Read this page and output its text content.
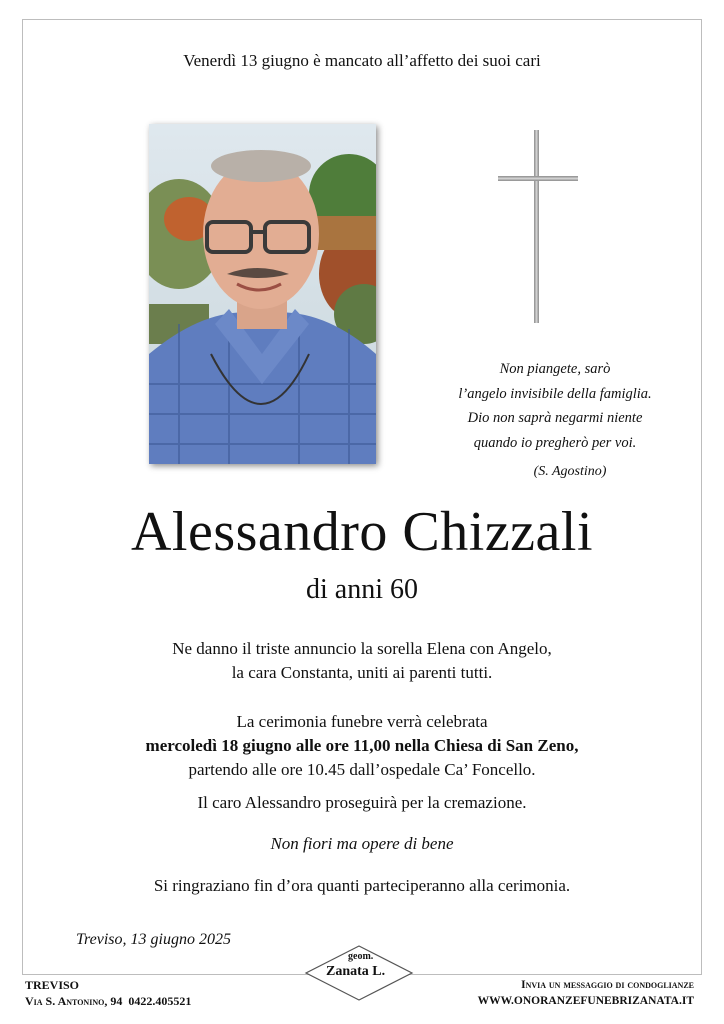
Venerdì 13 giugno è mancato all’affetto dei suoi cari
Non piangete, sarò
l’angelo invisibile della famiglia.
Dio non saprà negarmi niente
quando io pregherò per voi.
(S. Agostino)
Alessandro Chizzali
di anni 60
Ne danno il triste annuncio la sorella Elena con Angelo,
la cara Constanta, uniti ai parenti tutti.
La cerimonia funebre verrà celebrata
mercoledì 18 giugno alle ore 11,00 nella Chiesa di San Zeno,
partendo alle ore 10.45 dall’ospedale Ca’ Foncello.
Il caro Alessandro proseguirà per la cremazione.
Non fiori ma opere di bene
Si ringraziano fin d’ora quanti parteciperanno alla cerimonia.
Treviso, 13 giugno 2025
geom.
Zanata L.
TREVISO
Via S. Antonino, 94 0422.405521
Invia un messaggio di condoglianze
WWW.ONORANZEFUNEBRIZANATA.IT
